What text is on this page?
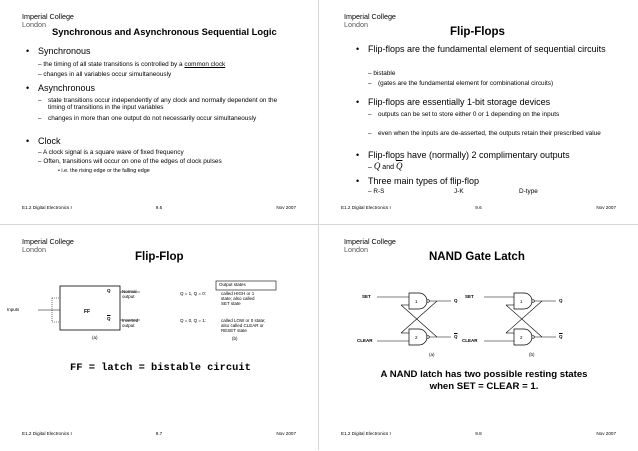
Imperial College
London
Synchronous and Asynchronous Sequential Logic
• Synchronous
– the timing of all state transitions is controlled by a common clock
– changes in all variables occur simultaneously
• Asynchronous
– state transitions occur independently of any clock and normally dependent on the timing of transitions in the input variables
– changes in more than one output do not necessarily occur simultaneously
• Clock
– A clock signal is a square wave of fixed frequency
– Often, transitions will occur on one of the edges of clock pulses
• i.e. the rising edge or the falling edge
E1.2 Digital Electronics I	9.5	Nov 2007
Imperial College
London
Flip-Flops
• Flip-flops are the fundamental element of sequential circuits
– bistable
– (gates are the fundamental element for combinational circuits)
• Flip-flops are essentially 1-bit storage devices
– outputs can be set to store either 0 or 1 depending on the inputs
– even when the inputs are de-asserted, the outputs retain their prescribed value
• Flip-flops have (normally) 2 complimentary outputs
– Q and $\overline{Q}$
• Three main types of flip-flop
– R-S	J-K	D-type
E1.2 Digital Electronics I	9.6	Nov 2007
Imperial College
London
Flip-Flop
Inputs	FF
Q
$\overline{Q}$
Normal
output
Inverted
output
Output states
Q = 1, Q = 0:	called HIGH or 1
state; also called
SET state
Q = 0, Q = 1:	called LOW or 0 state;
also called CLEAR or
RESET state
(a)	(b)
FF = latch = bistable circuit
E1.2 Digital Electronics I	9.7	Nov 2007
Imperial College
London
NAND Gate Latch
SET
CLEAR
Q
$\overline{Q}$
1
2
SET
CLEAR
Q
$\overline{Q}$
1
2
(a)	(b)
A NAND latch has two possible resting states when SET = CLEAR = 1.
E1.2 Digital Electronics I	9.8	Nov 2007
